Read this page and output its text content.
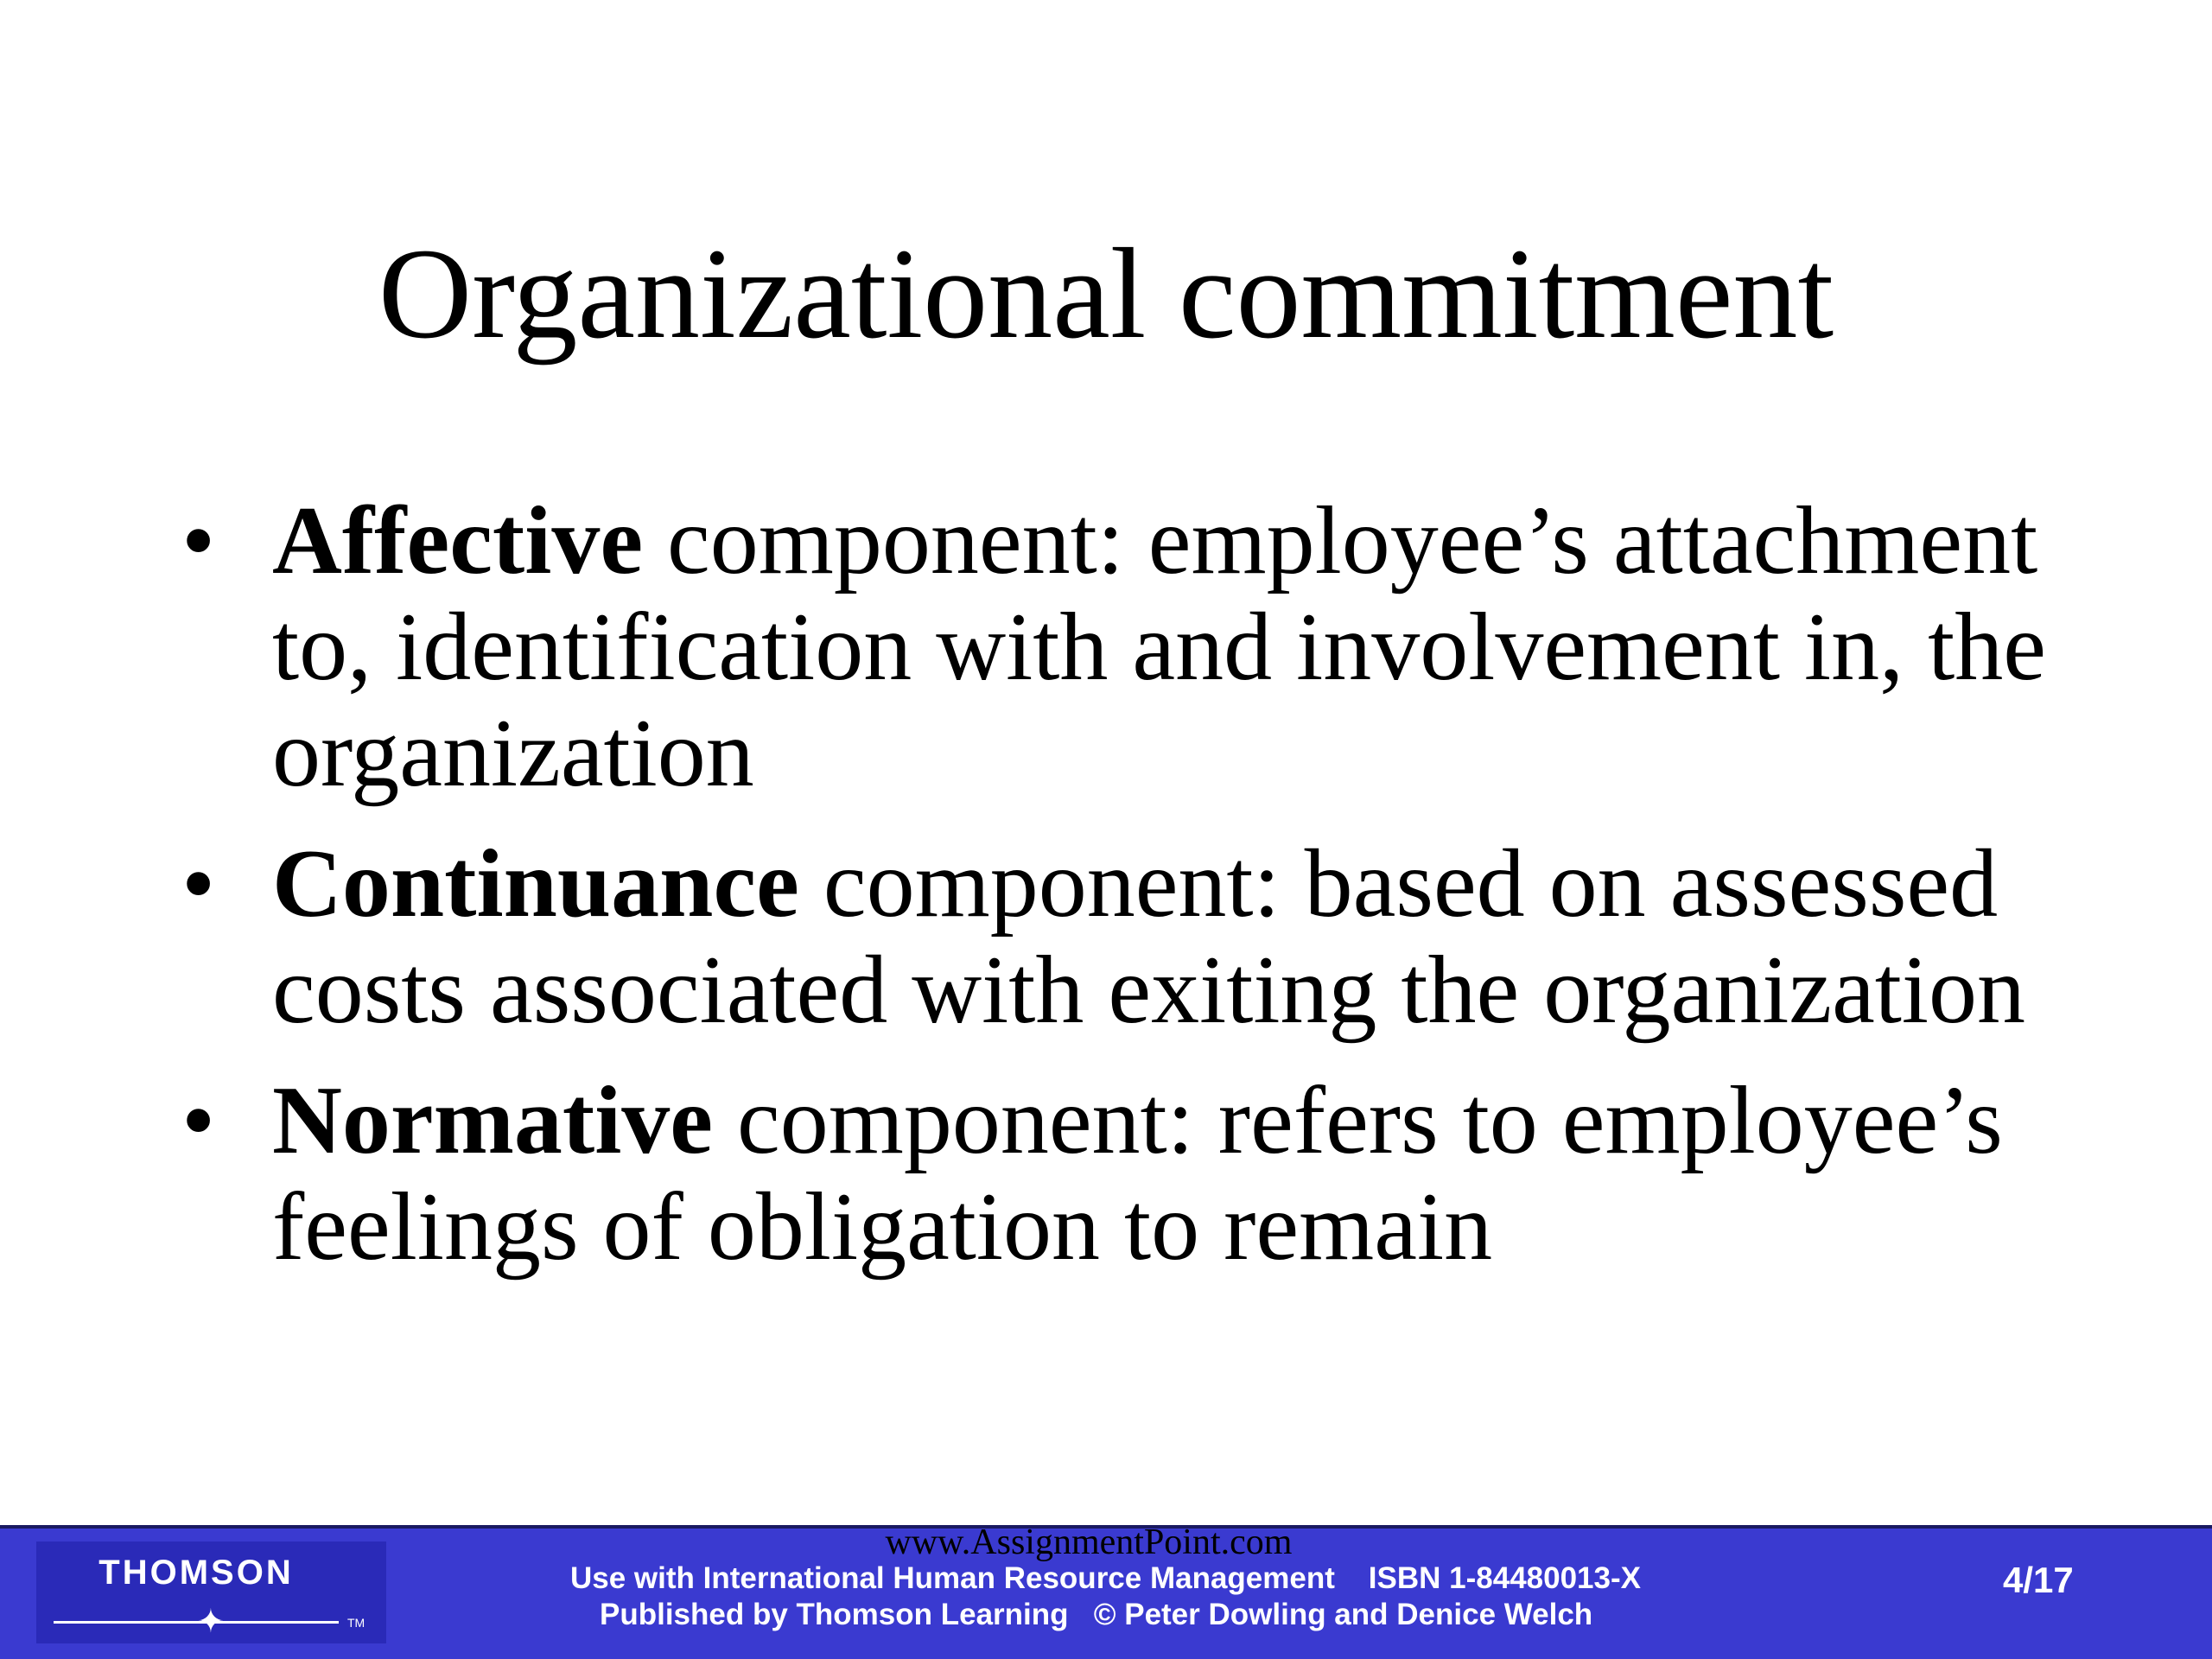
Organizational commitment
• Affective component: employee’s attachment to, identification with and involvement in, the organization
• Continuance component: based on assessed costs associated with exiting the organization
• Normative component: refers to employee’s feelings of obligation to remain
THOMSON
✦	TM
www.AssignmentPoint.com
Use with International Human Resource Management    ISBN 1-84480013-X
Published by Thomson Learning   © Peter Dowling and Denice Welch
4/17
